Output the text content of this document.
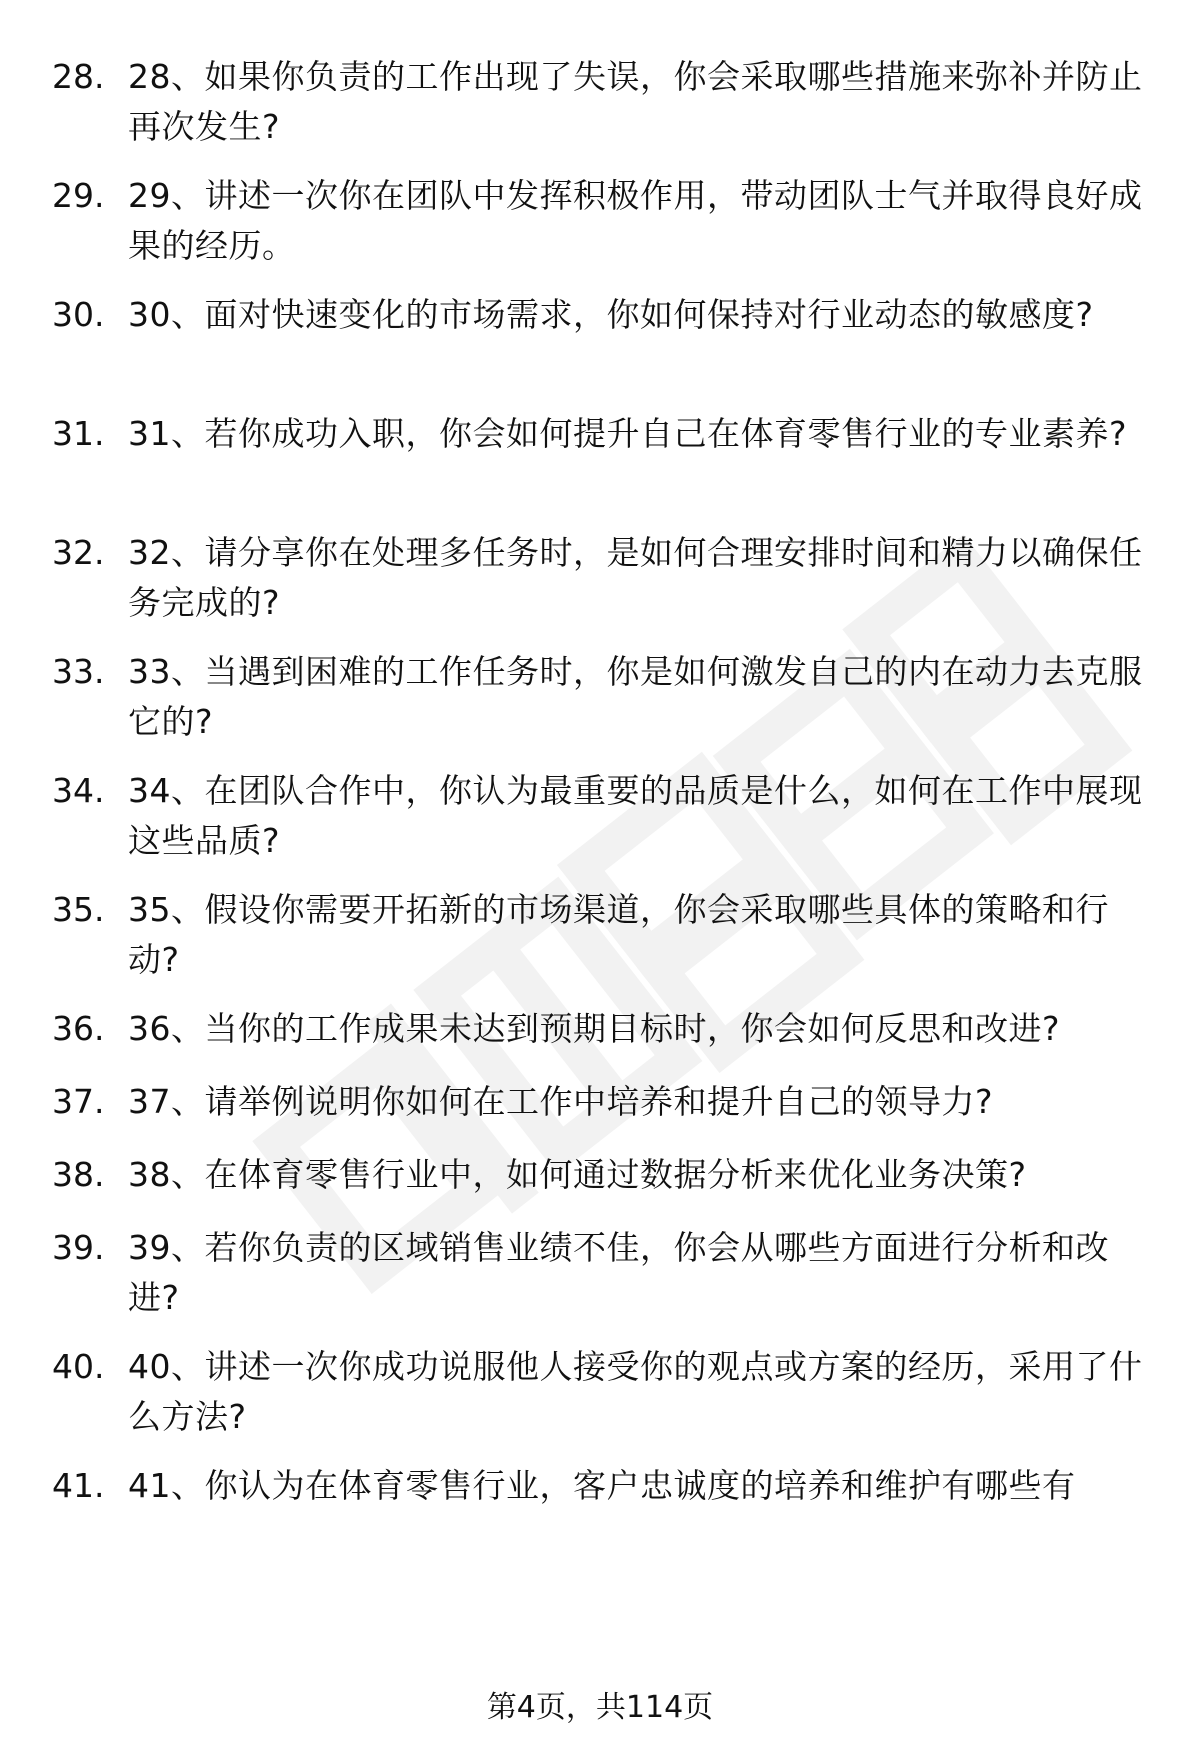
28. 28、如果你负责的工作出现了失误，你会采取哪些措施来弥补并防止再次发生?
29. 29、讲述一次你在团队中发挥积极作用，带动团队士气并取得良好成果的经历。
30. 30、面对快速变化的市场需求，你如何保持对行业动态的敏感度?
31. 31、若你成功入职，你会如何提升自己在体育零售行业的专业素养?
32. 32、请分享你在处理多任务时，是如何合理安排时间和精力以确保任务完成的?
33. 33、当遇到困难的工作任务时，你是如何激发自己的内在动力去克服它的?
34. 34、在团队合作中，你认为最重要的品质是什么，如何在工作中展现这些品质?
35. 35、假设你需要开拓新的市场渠道，你会采取哪些具体的策略和行动?
36. 36、当你的工作成果未达到预期目标时，你会如何反思和改进?
37. 37、请举例说明你如何在工作中培养和提升自己的领导力?
38. 38、在体育零售行业中，如何通过数据分析来优化业务决策?
39. 39、若你负责的区域销售业绩不佳，你会从哪些方面进行分析和改进?
40. 40、讲述一次你成功说服他人接受你的观点或方案的经历，采用了什么方法?
41. 41、你认为在体育零售行业，客户忠诚度的培养和维护有哪些有
第4页，共114页
